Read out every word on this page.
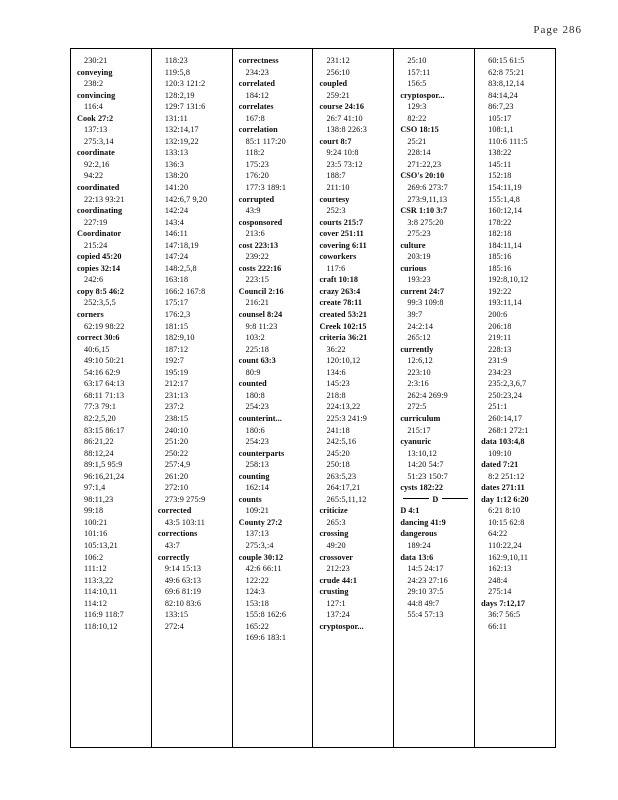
Page 286
230:21
conveying
238:2
convincing
116:4
Cook 27:2
137:13
275:3,14
coordinate
92:2,16
94:22
coordinated
22:13 93:21
coordinating
227:19
Coordinator
215:24
copied 45:20
copies 32:14
242:6
copy 8:5 46:2
252:3,5,5
corners
62:19 98:22
correct 30:6
40:6,15
49:10 50:21
54:16 62:9
63:17 64:13
68:11 71:13
77:3 79:1
82:2,5,20
83:15 86:17
86:21,22
88:12,24
89:1,5 95:9
96:16,21,24
97:1,4
98:11,23
99:18
100:21
101:16
105:13,21
106:2
111:12
113:3,22
114:10,11
114:12
116:9 118:7
118:10,12
118:23
119:5,8
120:3 121:2
128:2,19
129:7 131:6
131:11
132:14,17
132:19,22
133:13
136:3
138:20
141:20
142:6,7 9,20
142:24
143:4
146:11
147:18,19
147:24
148:2,5,8
163:18
166:2 167:8
175:17
176:2,3
181:15
182:9,10
187:12
192:7
195:19
212:17
231:13
237:2
238:15
240:10
251:20
250:22
257:4,9
261:20
272:10
273:9 275:9
corrected
43:5 103:11
corrections
43:7
correctly
9:14 15:13
49:6 63:13
69:6 81:19
82:10 83:6
133:15
272:4
correctness
234:23
correlated
184:12
correlates
167:8
correlation
85:1 117:20
118:2
175:23
176:20
177:3 189:1
corrupted
43:9
cosponsored
213:6
cost 223:13
239:22
costs 222:16
223:15
Council 2:16
216:21
counsel 8:24
9:8 11:23
103:2
225:18
count 63:3
80:9
counted
180:8
254:23
counterint...
180:6
254:23
counterparts
258:13
counting
162:14
counts
109:21
County 27:2
137:13
275:3,:4
couple 30:12
42:6 66:11
122:22
124:3
153:18
155:8 162:6
165:22
169:6 183:1
231:12
256:10
coupled
259:21
course 24:16
26:7 41:10
138:8 226:3
court 8:7
9:24 10:8
23:5 73:12
188:7
211:10
courtesy
252:3
courts 215:7
cover 251:11
covering 6:11
coworkers
117:6
craft 10:18
crazy 263:4
create 78:11
created 53:21
Creek 102:15
criteria 36:21
36:22
120:10,12
134:6
145:23
218:8
224:13,22
225:3 241:9
241:18
242:5,16
245:20
250:18
263:5,23
264:17,21
265:5,11,12
criticize
265:3
crossing
49:20
crossover
212:23
crude 44:1
crusting
127:1
137:24
cryptospor...
25:10
157:11
156:5
cryptospor...
129:3
82:22
CSO 18:15
25:21
228:14
271:22,23
CSO's 20:10
269:6 273:7
273:9,11,13
CSR 1:10 3:7
3:8 275:20
275:23
culture
203:19
curious
193:23
current 24:7
99:3 109:8
39:7
24:2:14
265:12
currently
12:6,12
223:10
2:3:16
262:4 269:9
272:5
curriculum
215:17
cyanuric
13:10,12
14:20 54:7
51:23 150:7
cysts 182:22
D
D 4:1
dancing 41:9
dangerous
189:24
data 13:6
14:5 24:17
24:23 27:16
29:10 37:5
44:8 49:7
55:4 57:13
60:15 61:5
62:8 75:21
83:8,12,14
84:14,24
86:7,23
105:17
108:1,1
110:6 111:5
138:22
145:11
152:18
154:11,19
155:1,4,8
160:12,14
178:22
182:18
184:11,14
185:16
185:16
192:8,10,12
192:22
193:11,14
200:6
206:18
219:11
228:13
231:9
234:23
235:2,3,6,7
250:23,24
251:1
260:14,17
268:1 272:1
data 103:4,8
109:10
dated 7:21
8:2 251:12
dates 271:11
day 1:12 6:20
6:21 8:10
10:15 62:8
64:22
110:22,24
162:9,10,11
162:13
248:4
275:14
days 7:12,17
36:7 56:5
66:11
